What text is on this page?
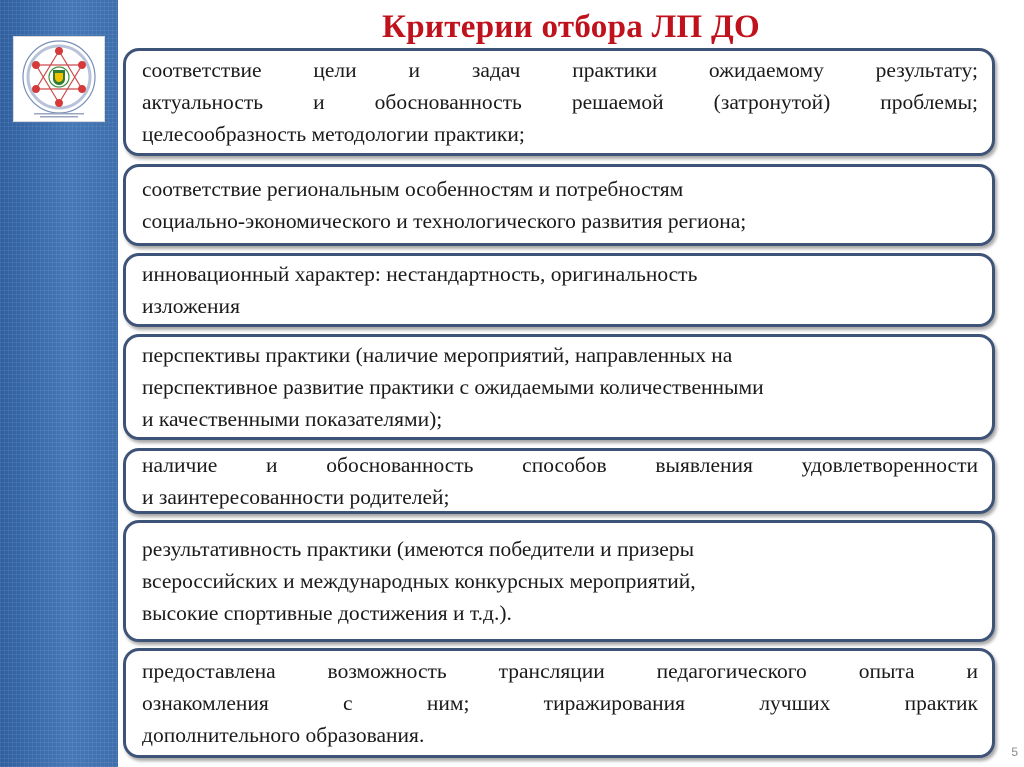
Критерии отбора ЛП ДО
соответствие цели и задач практики ожидаемому результату;
актуальность и обоснованность решаемой (затронутой) проблемы;
целесообразность методологии практики;
соответствие региональным особенностям и потребностям
социально-экономического и технологического развития региона;
инновационный характер: нестандартность, оригинальность
изложения
перспективы практики (наличие мероприятий, направленных на
перспективное развитие практики с ожидаемыми количественными
и качественными показателями);
наличие и обоснованность способов выявления удовлетворенности
и заинтересованности родителей;
результативность практики (имеются победители и призеры
всероссийских и международных конкурсных мероприятий,
высокие спортивные достижения и т.д.).
предоставлена возможность трансляции педагогического опыта и
ознакомления с ним; тиражирования лучших практик
дополнительного образования.
5
